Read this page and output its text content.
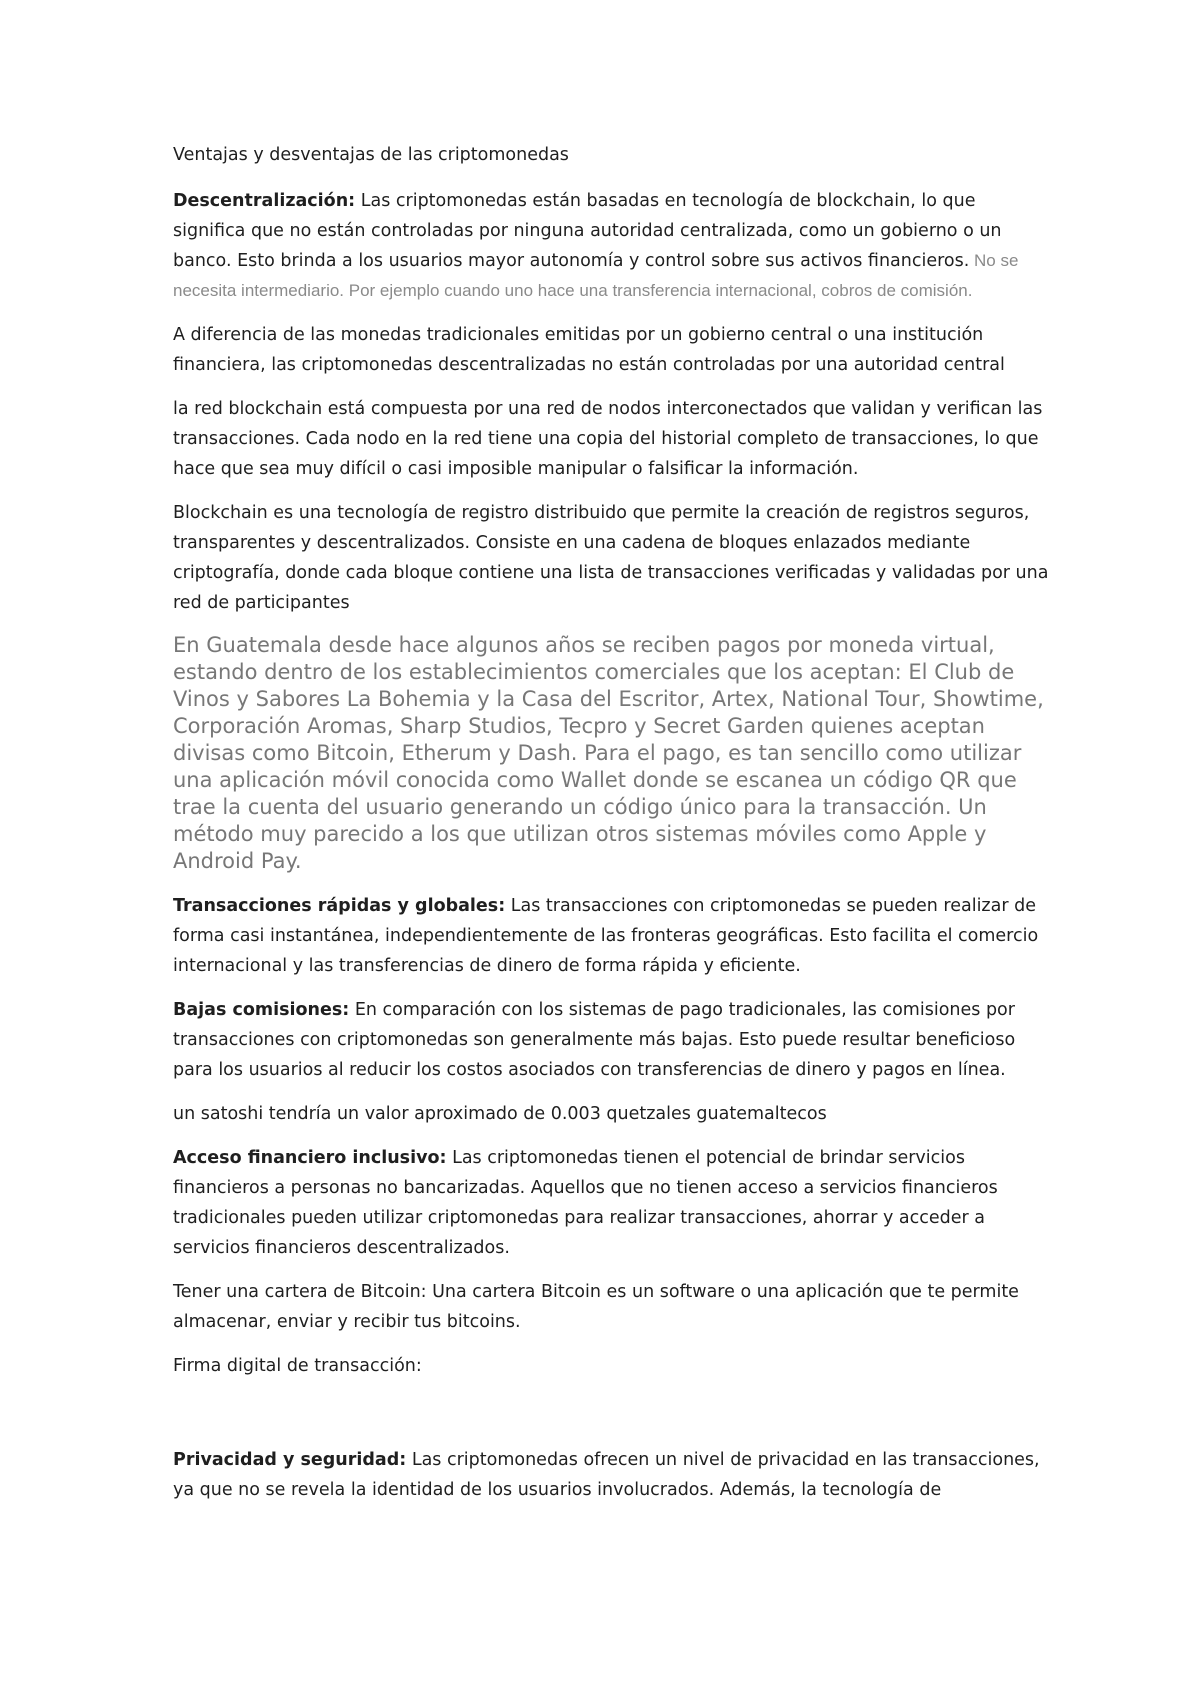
Ventajas y desventajas de las criptomonedas

Descentralización: Las criptomonedas están basadas en tecnología de blockchain, lo que significa que no están controladas por ninguna autoridad centralizada, como un gobierno o un banco. Esto brinda a los usuarios mayor autonomía y control sobre sus activos financieros. No se necesita intermediario. Por ejemplo cuando uno hace una transferencia internacional, cobros de comisión.

A diferencia de las monedas tradicionales emitidas por un gobierno central o una institución financiera, las criptomonedas descentralizadas no están controladas por una autoridad central

la red blockchain está compuesta por una red de nodos interconectados que validan y verifican las transacciones. Cada nodo en la red tiene una copia del historial completo de transacciones, lo que hace que sea muy difícil o casi imposible manipular o falsificar la información.

Blockchain es una tecnología de registro distribuido que permite la creación de registros seguros, transparentes y descentralizados. Consiste en una cadena de bloques enlazados mediante criptografía, donde cada bloque contiene una lista de transacciones verificadas y validadas por una red de participantes

En Guatemala desde hace algunos años se reciben pagos por moneda virtual, estando dentro de los establecimientos comerciales que los aceptan: El Club de Vinos y Sabores La Bohemia y la Casa del Escritor, Artex, National Tour, Showtime, Corporación Aromas, Sharp Studios, Tecpro y Secret Garden quienes aceptan divisas como Bitcoin, Etherum y Dash. Para el pago, es tan sencillo como utilizar una aplicación móvil conocida como Wallet donde se escanea un código QR que trae la cuenta del usuario generando un código único para la transacción. Un método muy parecido a los que utilizan otros sistemas móviles como Apple y Android Pay.

Transacciones rápidas y globales: Las transacciones con criptomonedas se pueden realizar de forma casi instantánea, independientemente de las fronteras geográficas. Esto facilita el comercio internacional y las transferencias de dinero de forma rápida y eficiente.

Bajas comisiones: En comparación con los sistemas de pago tradicionales, las comisiones por transacciones con criptomonedas son generalmente más bajas. Esto puede resultar beneficioso para los usuarios al reducir los costos asociados con transferencias de dinero y pagos en línea.

un satoshi tendría un valor aproximado de 0.003 quetzales guatemaltecos

Acceso financiero inclusivo: Las criptomonedas tienen el potencial de brindar servicios financieros a personas no bancarizadas. Aquellos que no tienen acceso a servicios financieros tradicionales pueden utilizar criptomonedas para realizar transacciones, ahorrar y acceder a servicios financieros descentralizados.

Tener una cartera de Bitcoin: Una cartera Bitcoin es un software o una aplicación que te permite almacenar, enviar y recibir tus bitcoins.

Firma digital de transacción:

Privacidad y seguridad: Las criptomonedas ofrecen un nivel de privacidad en las transacciones, ya que no se revela la identidad de los usuarios involucrados. Además, la tecnología de
